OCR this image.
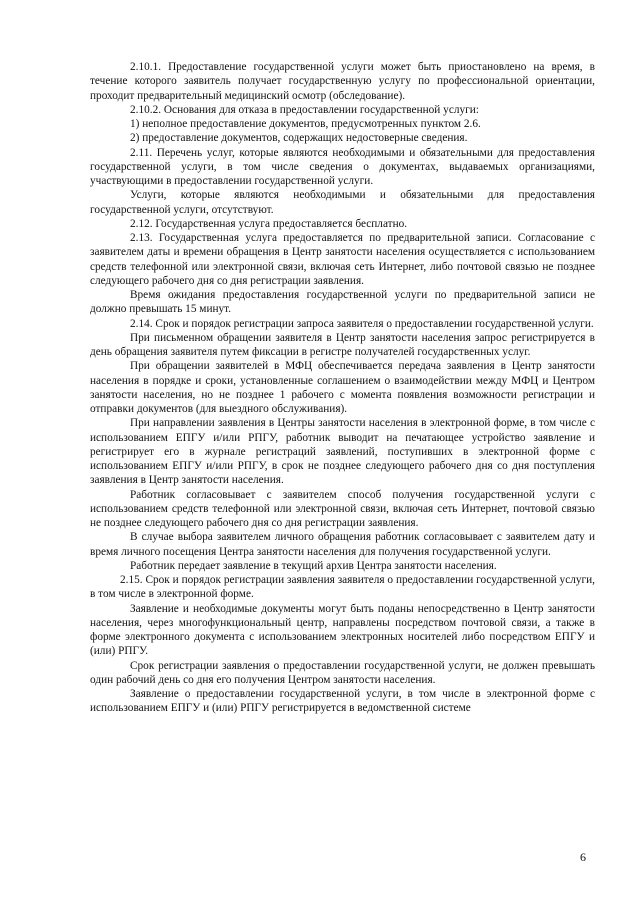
2.10.1. Предоставление государственной услуги может быть приостановлено на время, в течение которого заявитель получает государственную услугу по профессиональной ориентации, проходит предварительный медицинский осмотр (обследование).

2.10.2. Основания для отказа в предоставлении государственной услуги:

1) неполное предоставление документов, предусмотренных пунктом 2.6.

2) предоставление документов, содержащих недостоверные сведения.

2.11. Перечень услуг, которые являются необходимыми и обязательными для предоставления государственной услуги, в том числе сведения о документах, выдаваемых организациями, участвующими в предоставлении государственной услуги.

Услуги, которые являются необходимыми и обязательными для предоставления государственной услуги, отсутствуют.

2.12. Государственная услуга предоставляется бесплатно.

2.13. Государственная услуга предоставляется по предварительной записи. Согласование с заявителем даты и времени обращения в Центр занятости населения осуществляется с использованием средств телефонной или электронной связи, включая сеть Интернет, либо почтовой связью не позднее следующего рабочего дня со дня регистрации заявления.

Время ожидания предоставления государственной услуги по предварительной записи не должно превышать 15 минут.

2.14. Срок и порядок регистрации запроса заявителя о предоставлении государственной услуги.

При письменном обращении заявителя в Центр занятости населения запрос регистрируется в день обращения заявителя путем фиксации в регистре получателей государственных услуг.

При обращении заявителей в МФЦ обеспечивается передача заявления в Центр занятости населения в порядке и сроки, установленные соглашением о взаимодействии между МФЦ и Центром занятости населения, но не позднее 1 рабочего с момента появления возможности регистрации и отправки документов (для выездного обслуживания).

При направлении заявления в Центры занятости населения в электронной форме, в том числе с использованием ЕПГУ и/или РПГУ, работник выводит на печатающее устройство заявление и регистрирует его в журнале регистраций заявлений, поступивших в электронной форме с использованием ЕПГУ и/или РПГУ, в срок не позднее следующего рабочего дня со дня поступления заявления в Центр занятости населения.

Работник согласовывает с заявителем способ получения государственной услуги с использованием средств телефонной или электронной связи, включая сеть Интернет, почтовой связью не позднее следующего рабочего дня со дня регистрации заявления.

В случае выбора заявителем личного обращения работник согласовывает с заявителем дату и время личного посещения Центра занятости населения для получения государственной услуги.

Работник передает заявление в текущий архив Центра занятости населения.

2.15. Срок и порядок регистрации заявления заявителя о предоставлении государственной услуги, в том числе в электронной форме.

Заявление и необходимые документы могут быть поданы непосредственно в Центр занятости населения, через многофункциональный центр, направлены посредством почтовой связи, а также в форме электронного документа с использованием электронных носителей либо посредством ЕПГУ и (или) РПГУ.

Срок регистрации заявления о предоставлении государственной услуги, не должен превышать один рабочий день со дня его получения Центром занятости населения.

Заявление о предоставлении государственной услуги, в том числе в электронной форме с использованием ЕПГУ и (или) РПГУ регистрируется в ведомственной системе

6
